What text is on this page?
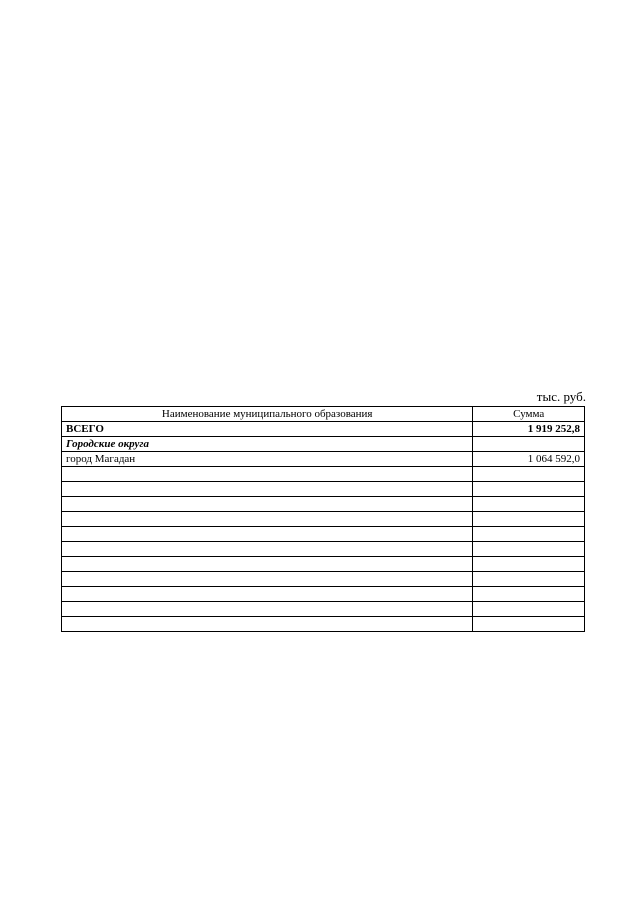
тыс. руб.
Наименование муниципального образования	Сумма
ВСЕГО	1 919 252,8
Городские округа	
город Магадан	1 064 592,0
